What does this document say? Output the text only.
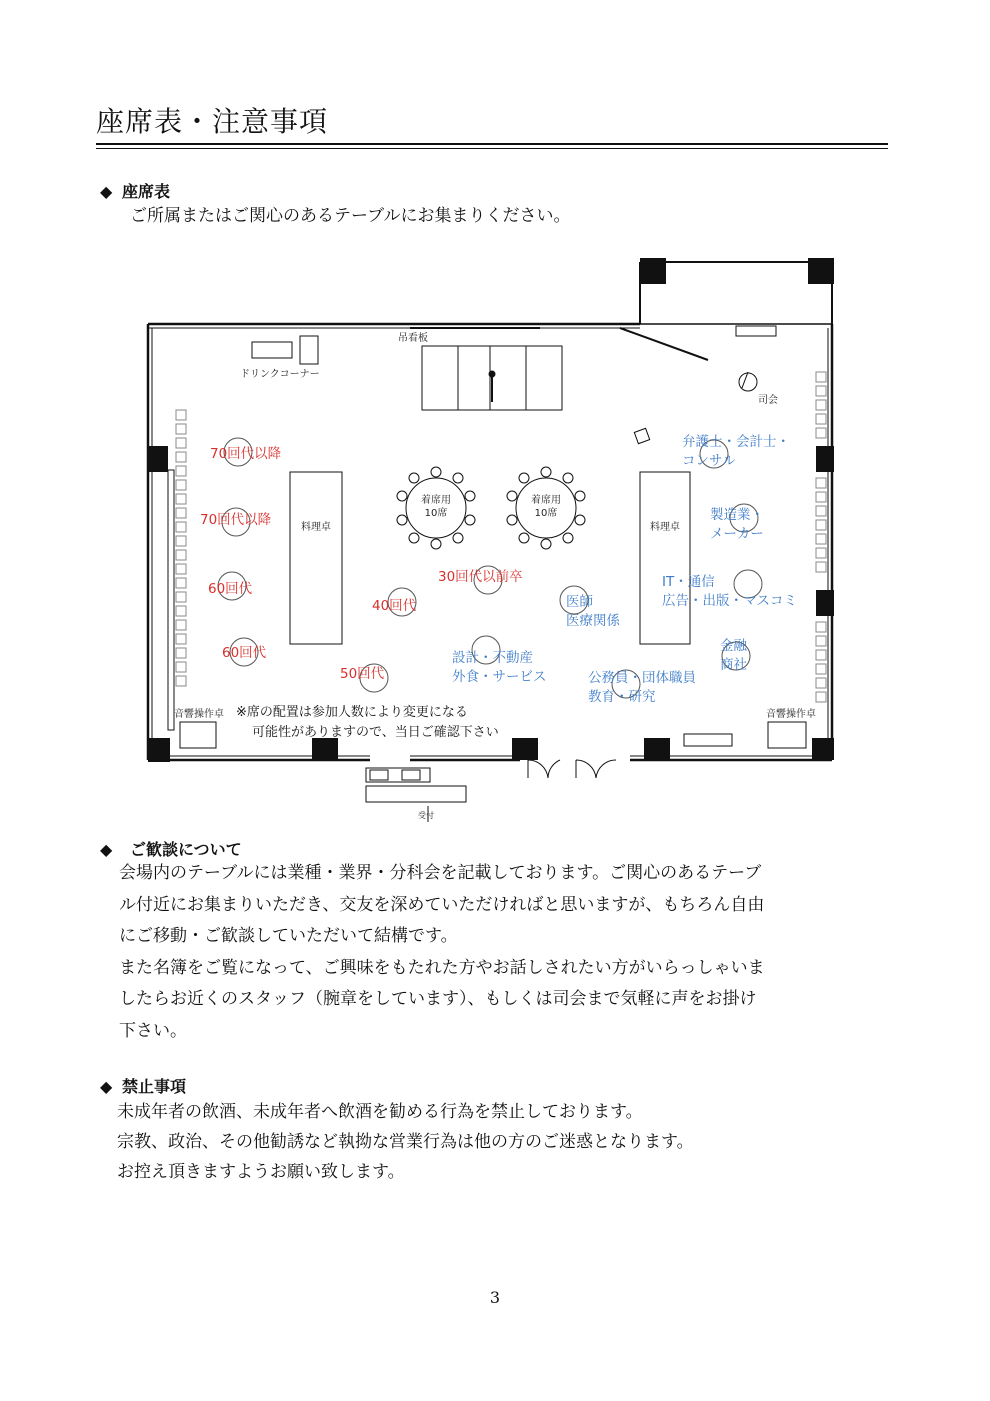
座席表・注意事項
◆ 座席表
ご所属またはご関心のあるテーブルにお集まりください。
吊看板
ドリンクコーナー
司会
料理卓	料理卓
着席用
10席
着席用
10席
70回代以降
70回代以降
60回代
60回代
50回代
40回代
30回代以前卒
弁護士・会計士・
コンサル
製造業・
メーカー
IT・通信
広告・出版・マスコミ
医師
医療関係
金融
商社
設計・不動産
外食・サービス	公務員・団体職員
教育・研究
音響操作卓	音響操作卓
※席の配置は参加人数により変更になる
可能性がありますので、当日ご確認下さい
受付
◆ ご歓談について
会場内のテーブルには業種・業界・分科会を記載しております。ご関心のあるテーブ
ル付近にお集まりいただき、交友を深めていただければと思いますが、もちろん自由
にご移動・ご歓談していただいて結構です。
また名簿をご覧になって、ご興味をもたれた方やお話しされたい方がいらっしゃいま
したらお近くのスタッフ（腕章をしています）、もしくは司会まで気軽に声をお掛け
下さい。
◆ 禁止事項
未成年者の飲酒、未成年者へ飲酒を勧める行為を禁止しております。
宗教、政治、その他勧誘など執拗な営業行為は他の方のご迷惑となります。
お控え頂きますようお願い致します。
3
